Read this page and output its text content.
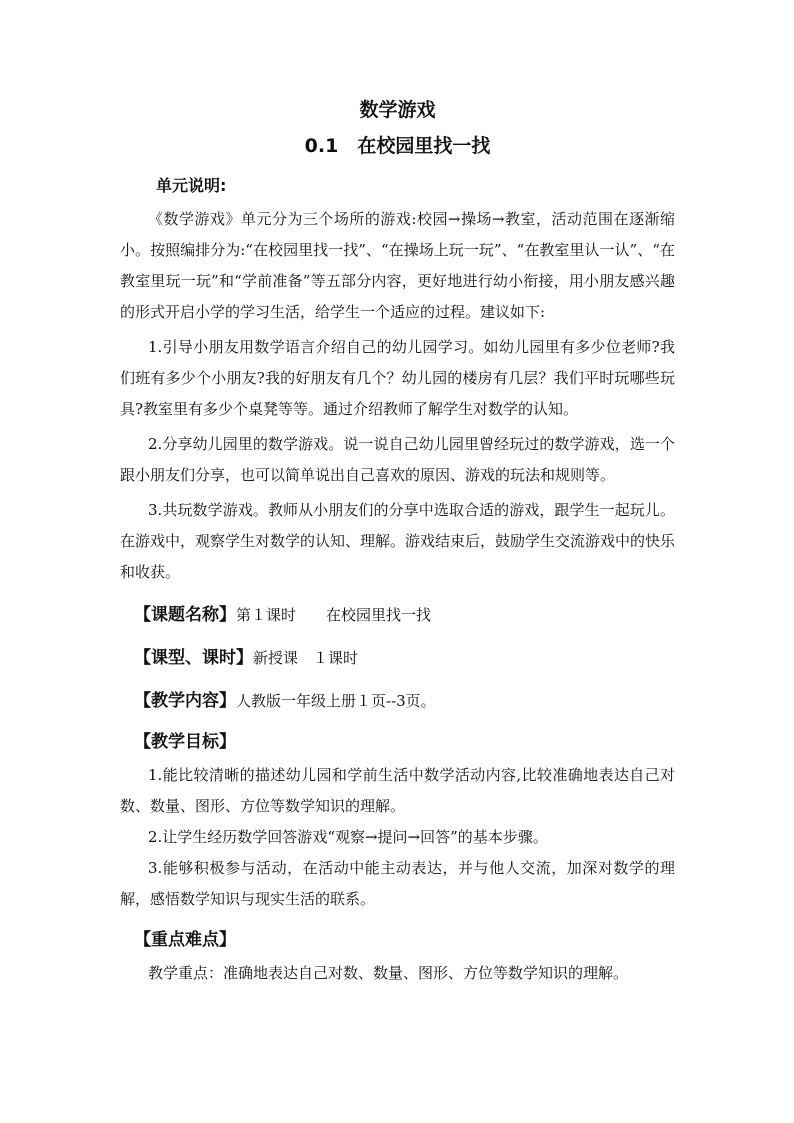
数学游戏
0.1　在校园里找一找
单元说明:

《数学游戏》单元分为三个场所的游戏:校园→操场→教室，活动范围在逐渐缩小。按照编排分为:“在校园里找一找”、“在操场上玩一玩”、“在教室里认一认”、“在教室里玩一玩”和“学前准备”等五部分内容，更好地进行幼小衔接，用小朋友感兴趣的形式开启小学的学习生活，给学生一个适应的过程。建议如下:

1.引导小朋友用数学语言介绍自己的幼儿园学习。如幼儿园里有多少位老师?我们班有多少个小朋友?我的好朋友有几个？幼儿园的楼房有几层？我们平时玩哪些玩具?教室里有多少个桌凳等等。通过介绍教师了解学生对数学的认知。

2.分享幼儿园里的数学游戏。说一说自己幼儿园里曾经玩过的数学游戏，选一个跟小朋友们分享，也可以简单说出自己喜欢的原因、游戏的玩法和规则等。

3.共玩数学游戏。教师从小朋友们的分享中选取合适的游戏，跟学生一起玩儿。在游戏中，观察学生对数学的认知、理解。游戏结束后，鼓励学生交流游戏中的快乐和收获。

【课题名称】第１课时　　在校园里找一找
【课型、课时】新授课　１课时
【教学内容】人教版一年级上册１页--3页。
【教学目标】

1.能比较清晰的描述幼儿园和学前生活中数学活动内容,比较准确地表达自己对数、数量、图形、方位等数学知识的理解。

2.让学生经历数学回答游戏“观察→提问→回答”的基本步骤。

3.能够积极参与活动，在活动中能主动表达，并与他人交流，加深对数学的理解，感悟数学知识与现实生活的联系。

【重点难点】

教学重点：准确地表达自己对数、数量、图形、方位等数学知识的理解。
